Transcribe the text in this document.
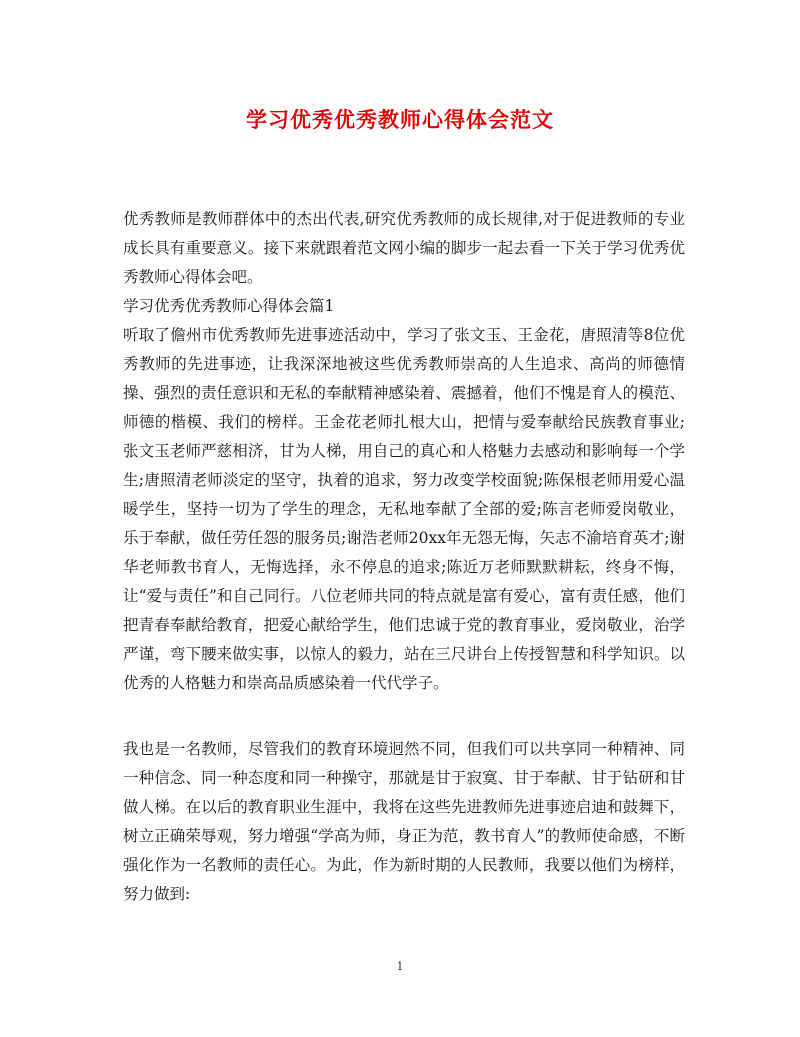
学习优秀优秀教师心得体会范文

优秀教师是教师群体中的杰出代表,研究优秀教师的成长规律,对于促进教师的专业成长具有重要意义。接下来就跟着范文网小编的脚步一起去看一下关于学习优秀优秀教师心得体会吧。

学习优秀优秀教师心得体会篇1

听取了儋州市优秀教师先进事迹活动中，学习了张文玉、王金花，唐照清等8位优秀教师的先进事迹，让我深深地被这些优秀教师崇高的人生追求、高尚的师德情操、强烈的责任意识和无私的奉献精神感染着、震撼着，他们不愧是育人的模范、师德的楷模、我们的榜样。王金花老师扎根大山，把情与爱奉献给民族教育事业;张文玉老师严慈相济，甘为人梯，用自己的真心和人格魅力去感动和影响每一个学生;唐照清老师淡定的坚守，执着的追求，努力改变学校面貌;陈保根老师用爱心温暖学生，坚持一切为了学生的理念，无私地奉献了全部的爱;陈言老师爱岗敬业，乐于奉献，做任劳任怨的服务员;谢浩老师20xx年无怨无悔，矢志不渝培育英才;谢华老师教书育人，无悔选择，永不停息的追求;陈近万老师默默耕耘，终身不悔，让“爱与责任”和自己同行。八位老师共同的特点就是富有爱心，富有责任感，他们把青春奉献给教育，把爱心献给学生，他们忠诚于党的教育事业，爱岗敬业，治学严谨，弯下腰来做实事，以惊人的毅力，站在三尺讲台上传授智慧和科学知识。以优秀的人格魅力和崇高品质感染着一代代学子。

我也是一名教师，尽管我们的教育环境迥然不同，但我们可以共享同一种精神、同一种信念、同一种态度和同一种操守，那就是甘于寂寞、甘于奉献、甘于钻研和甘做人梯。在以后的教育职业生涯中，我将在这些先进教师先进事迹启迪和鼓舞下，树立正确荣辱观，努力增强“学高为师，身正为范，教书育人”的教师使命感，不断强化作为一名教师的责任心。为此，作为新时期的人民教师，我要以他们为榜样，努力做到:

1
